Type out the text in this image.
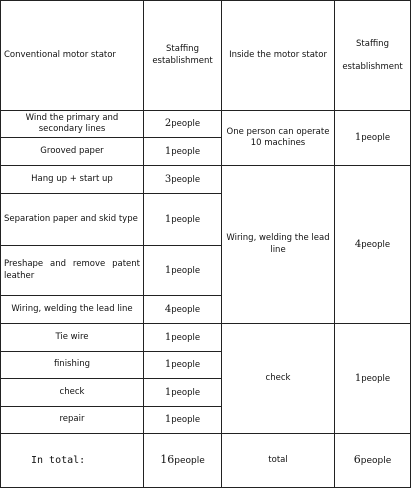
Conventional motor stator	Staffing establishment	Inside the motor stator	Staffing establishment
Wind the primary and secondary lines	2people	One person can operate 10 machines	1people
Grooved paper	1people		
Hang up + start up	3people	Wiring, welding the lead line	4people
Separation paper and skid type	1people		
Preshape and remove patent leather	1people		
Wiring, welding the lead line	4people		
Tie wire	1people	check	1people
finishing	1people		
check	1people		
repair	1people		
In total:	16people	total	6people
